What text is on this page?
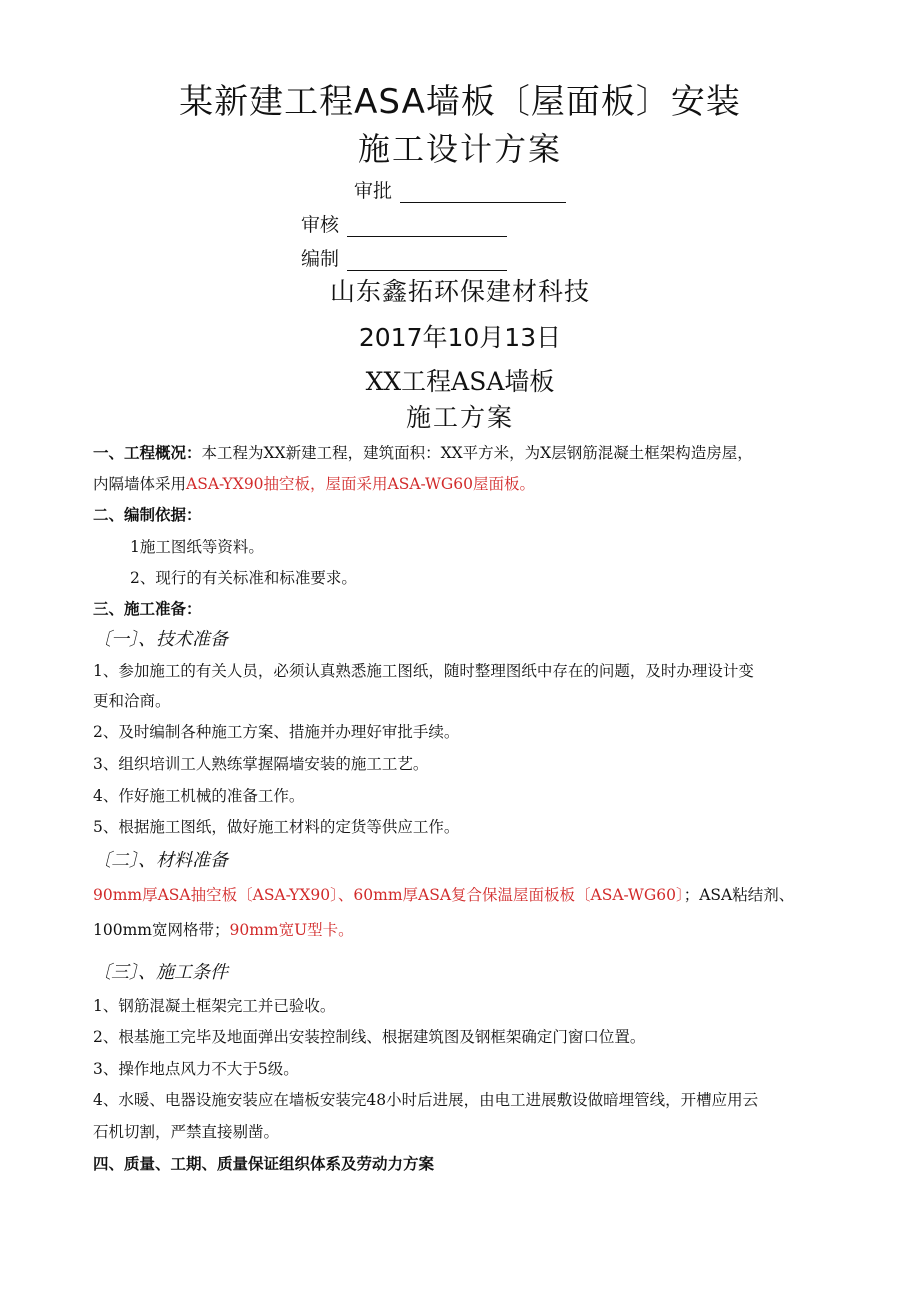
某新建工程ASA墙板〔屋面板〕安装
施工设计方案
审批
审核
编制
山东鑫拓环保建材科技
2017年10月13日
XX工程ASA墙板
施工方案
一、工程概况：本工程为XX新建工程，建筑面积：XX平方米，为X层钢筋混凝土框架构造房屋，
内隔墙体采用ASA-YX90抽空板，屋面采用ASA-WG60屋面板。
二、编制依据：
1施工图纸等资料。
2、现行的有关标准和标准要求。
三、施工准备：
〔一〕、技术准备
1、参加施工的有关人员，必须认真熟悉施工图纸，随时整理图纸中存在的问题，及时办理设计变
更和洽商。
2、及时编制各种施工方案、措施并办理好审批手续。
3、组织培训工人熟练掌握隔墙安装的施工工艺。
4、作好施工机械的准备工作。
5、根据施工图纸，做好施工材料的定货等供应工作。
〔二〕、材料准备
90mm厚ASA抽空板〔ASA-YX90〕、60mm厚ASA复合保温屋面板板〔ASA-WG60〕；ASA粘结剂、
100mm宽网格带；90mm宽U型卡。
〔三〕、施工条件
1、钢筋混凝土框架完工并已验收。
2、根基施工完毕及地面弹出安装控制线、根据建筑图及钢框架确定门窗口位置。
3、操作地点风力不大于5级。
4、水暖、电器设施安装应在墙板安装完48小时后进展，由电工进展敷设做暗埋管线，开槽应用云
石机切割，严禁直接剔凿。
四、质量、工期、质量保证组织体系及劳动力方案
